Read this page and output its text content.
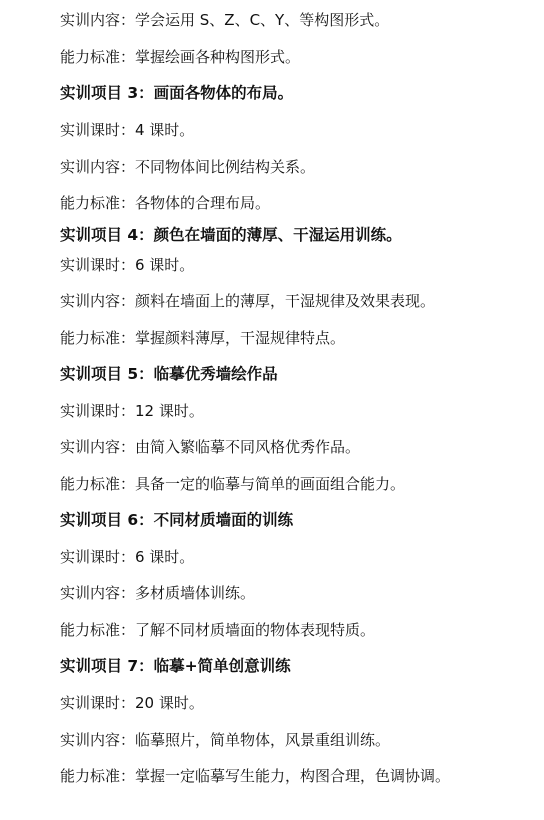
实训内容：学会运用 S、Z、C、Y、等构图形式。
能力标准：掌握绘画各种构图形式。
实训项目 3：画面各物体的布局。
实训课时：4 课时。
实训内容：不同物体间比例结构关系。
能力标准：各物体的合理布局。
实训项目 4：颜色在墙面的薄厚、干湿运用训练。
实训课时：6 课时。
实训内容：颜料在墙面上的薄厚，干湿规律及效果表现。
能力标准：掌握颜料薄厚，干湿规律特点。
实训项目 5：临摹优秀墙绘作品
实训课时：12 课时。
实训内容：由简入繁临摹不同风格优秀作品。
能力标准：具备一定的临摹与简单的画面组合能力。
实训项目 6：不同材质墙面的训练
实训课时：6 课时。
实训内容：多材质墙体训练。
能力标准：了解不同材质墙面的物体表现特质。
实训项目 7：临摹+简单创意训练
实训课时：20 课时。
实训内容：临摹照片，简单物体，风景重组训练。
能力标准：掌握一定临摹写生能力，构图合理，色调协调。
